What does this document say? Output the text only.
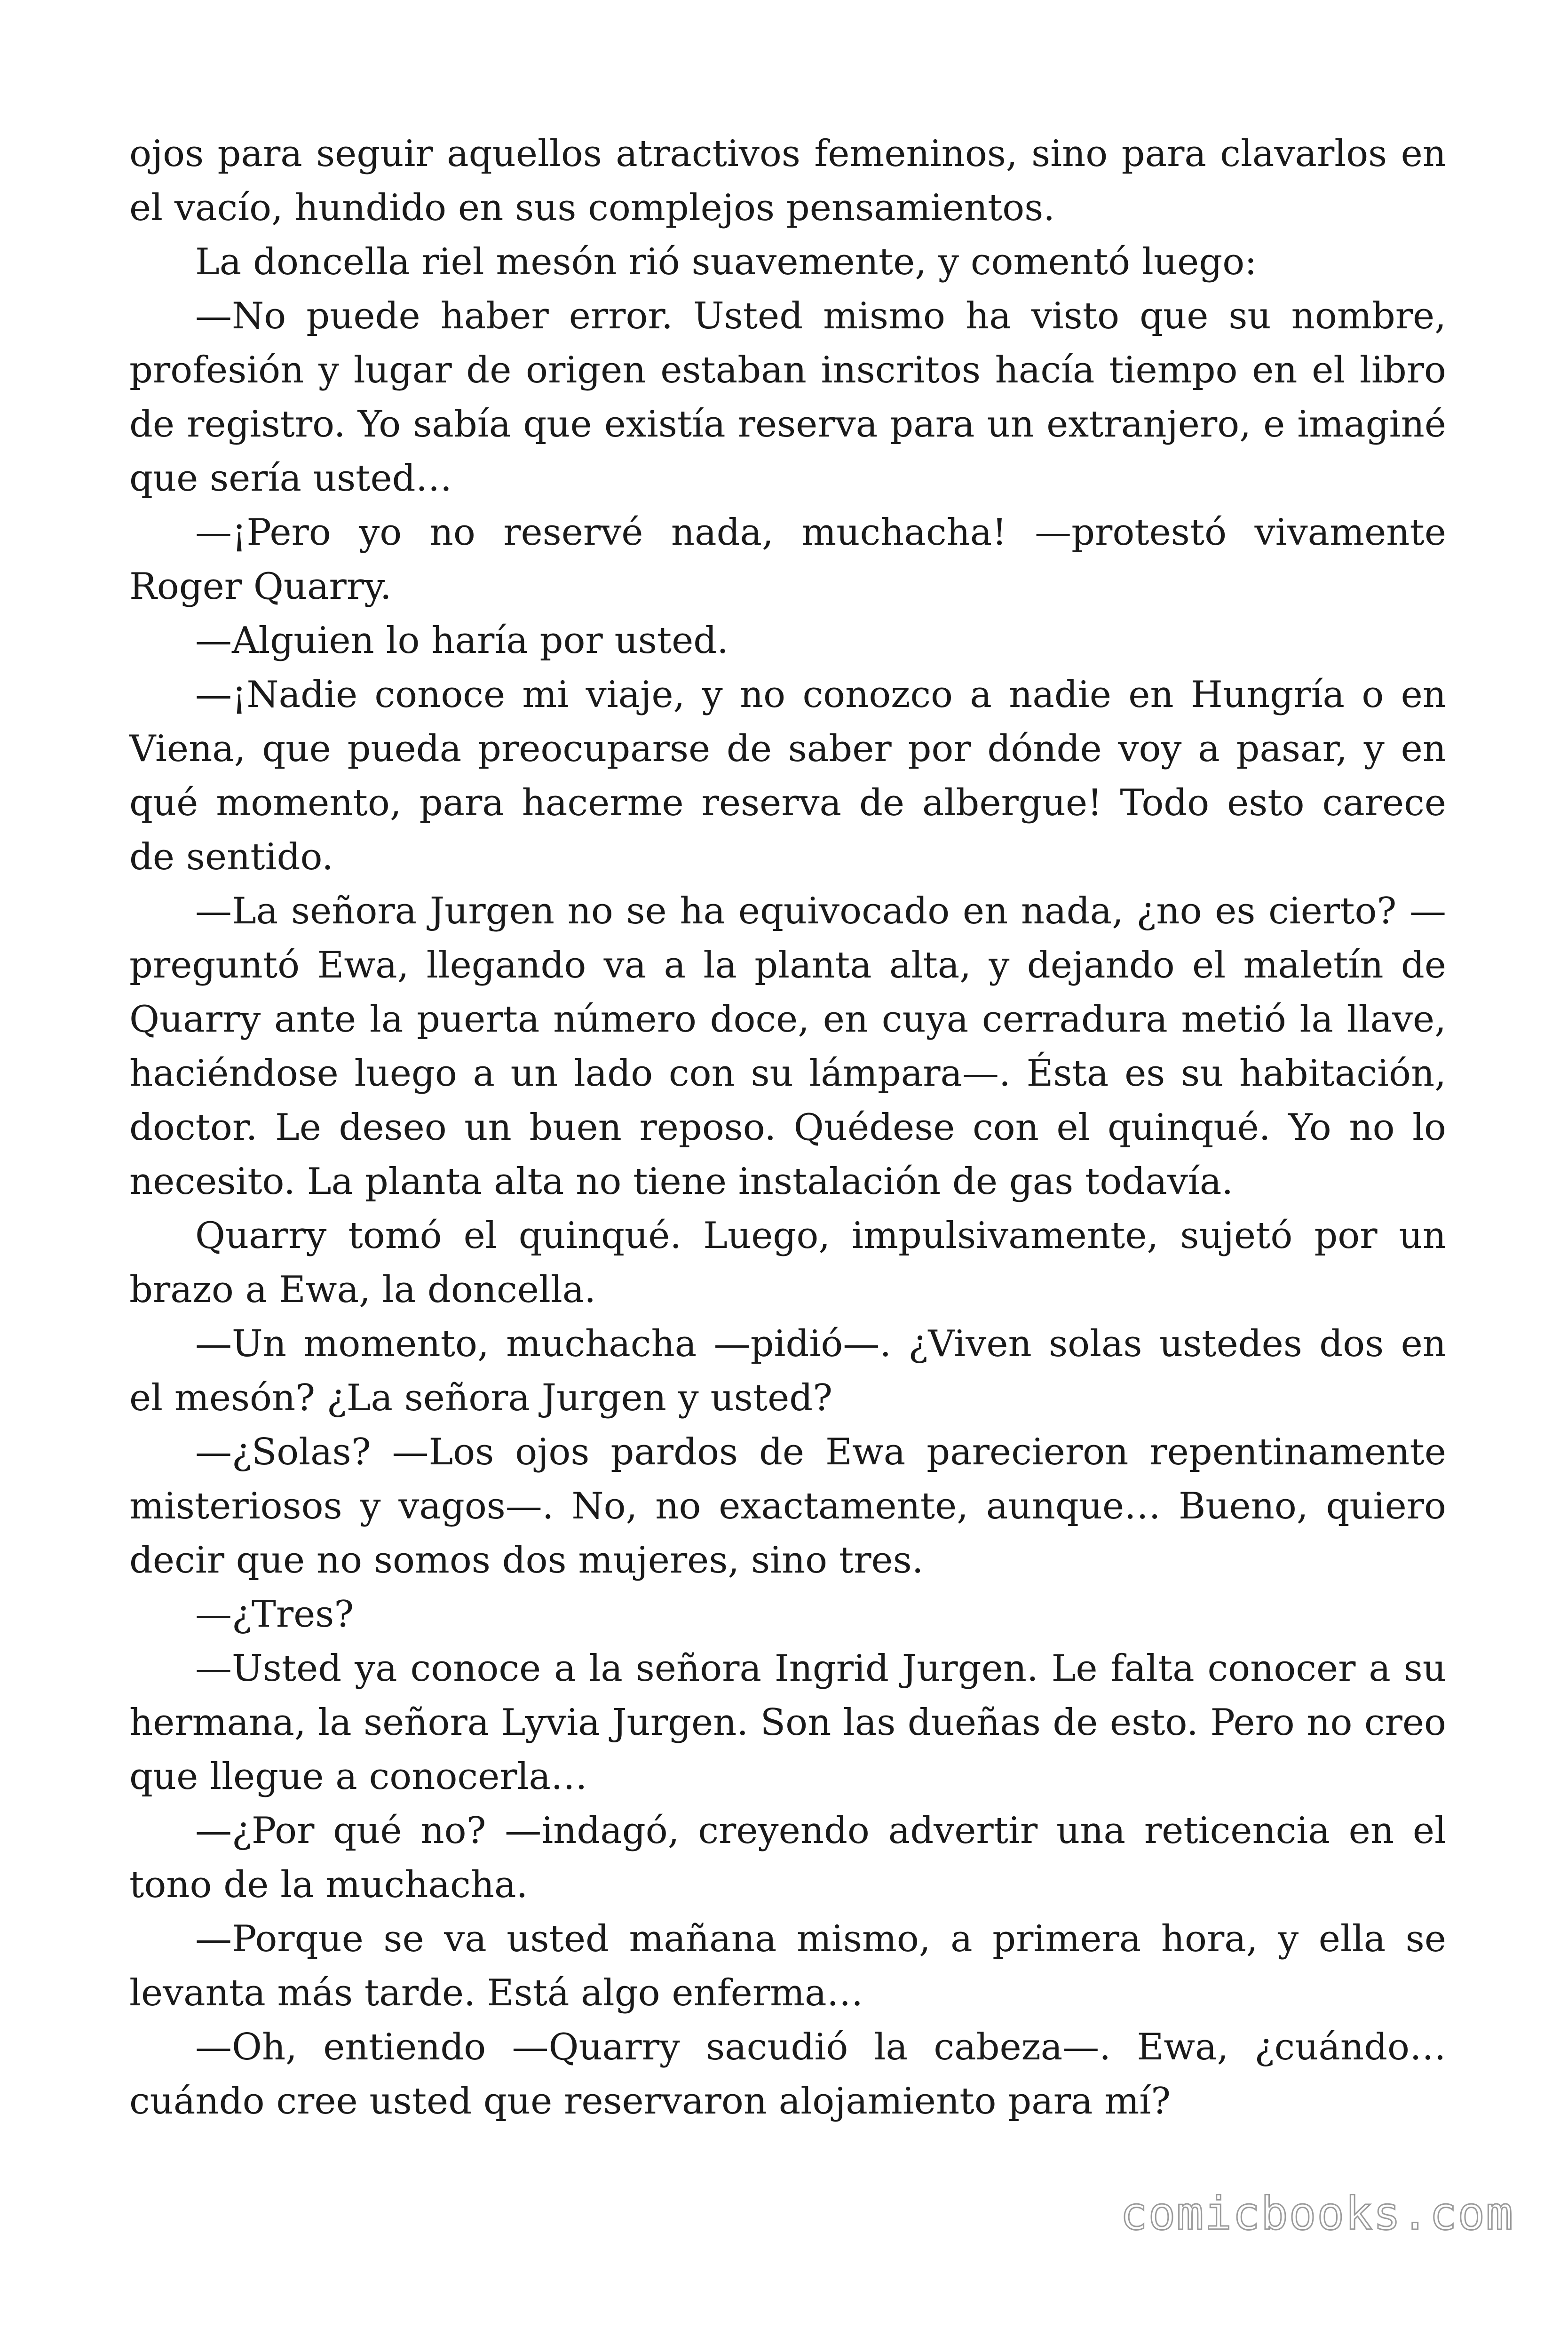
ojos para seguir aquellos atractivos femeninos, sino para clavarlos en el vacío, hundido en sus complejos pensamientos.

La doncella riel mesón rió suavemente, y comentó luego:

—No puede haber error. Usted mismo ha visto que su nombre, profesión y lugar de origen estaban inscritos hacía tiempo en el libro de registro. Yo sabía que existía reserva para un extranjero, e imaginé que sería usted…

—¡Pero yo no reservé nada, muchacha! —protestó vivamente Roger Quarry.

—Alguien lo haría por usted.

—¡Nadie conoce mi viaje, y no conozco a nadie en Hungría o en Viena, que pueda preocuparse de saber por dónde voy a pasar, y en qué momento, para hacerme reserva de albergue! Todo esto carece de sentido.

—La señora Jurgen no se ha equivocado en nada, ¿no es cierto? —preguntó Ewa, llegando va a la planta alta, y dejando el maletín de Quarry ante la puerta número doce, en cuya cerradura metió la llave, haciéndose luego a un lado con su lámpara—. Ésta es su habitación, doctor. Le deseo un buen reposo. Quédese con el quinqué. Yo no lo necesito. La planta alta no tiene instalación de gas todavía.

Quarry tomó el quinqué. Luego, impulsivamente, sujetó por un brazo a Ewa, la doncella.

—Un momento, muchacha —pidió—. ¿Viven solas ustedes dos en el mesón? ¿La señora Jurgen y usted?

—¿Solas? —Los ojos pardos de Ewa parecieron repentinamente misteriosos y vagos—. No, no exactamente, aunque… Bueno, quiero decir que no somos dos mujeres, sino tres.

—¿Tres?

—Usted ya conoce a la señora Ingrid Jurgen. Le falta conocer a su hermana, la señora Lyvia Jurgen. Son las dueñas de esto. Pero no creo que llegue a conocerla…

—¿Por qué no? —indagó, creyendo advertir una reticencia en el tono de la muchacha.

—Porque se va usted mañana mismo, a primera hora, y ella se levanta más tarde. Está algo enferma…

—Oh, entiendo —Quarry sacudió la cabeza—. Ewa, ¿cuándo… cuándo cree usted que reservaron alojamiento para mí?

comicbooks.com
